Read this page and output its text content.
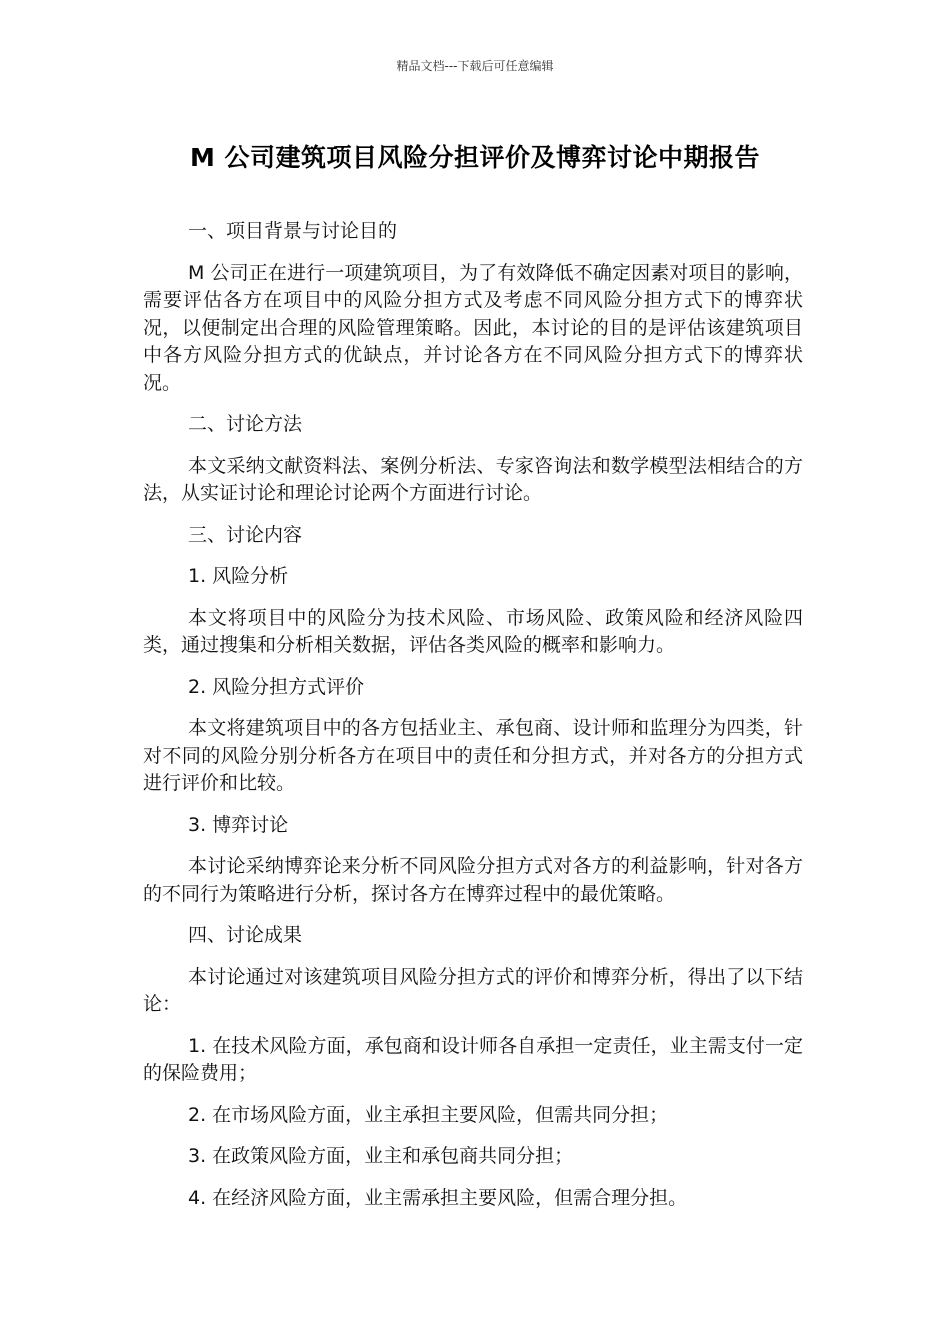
精品文档---下载后可任意编辑
M 公司建筑项目风险分担评价及博弈讨论中期报告

一、项目背景与讨论目的

M 公司正在进行一项建筑项目，为了有效降低不确定因素对项目的影响，需要评估各方在项目中的风险分担方式及考虑不同风险分担方式下的博弈状况，以便制定出合理的风险管理策略。因此，本讨论的目的是评估该建筑项目中各方风险分担方式的优缺点，并讨论各方在不同风险分担方式下的博弈状况。

二、讨论方法

本文采纳文献资料法、案例分析法、专家咨询法和数学模型法相结合的方法，从实证讨论和理论讨论两个方面进行讨论。

三、讨论内容

1. 风险分析

本文将项目中的风险分为技术风险、市场风险、政策风险和经济风险四类，通过搜集和分析相关数据，评估各类风险的概率和影响力。

2. 风险分担方式评价

本文将建筑项目中的各方包括业主、承包商、设计师和监理分为四类，针对不同的风险分别分析各方在项目中的责任和分担方式，并对各方的分担方式进行评价和比较。

3. 博弈讨论

本讨论采纳博弈论来分析不同风险分担方式对各方的利益影响，针对各方的不同行为策略进行分析，探讨各方在博弈过程中的最优策略。

四、讨论成果

本讨论通过对该建筑项目风险分担方式的评价和博弈分析，得出了以下结论：

1. 在技术风险方面，承包商和设计师各自承担一定责任，业主需支付一定的保险费用；

2. 在市场风险方面，业主承担主要风险，但需共同分担；

3. 在政策风险方面，业主和承包商共同分担；

4. 在经济风险方面，业主需承担主要风险，但需合理分担。
